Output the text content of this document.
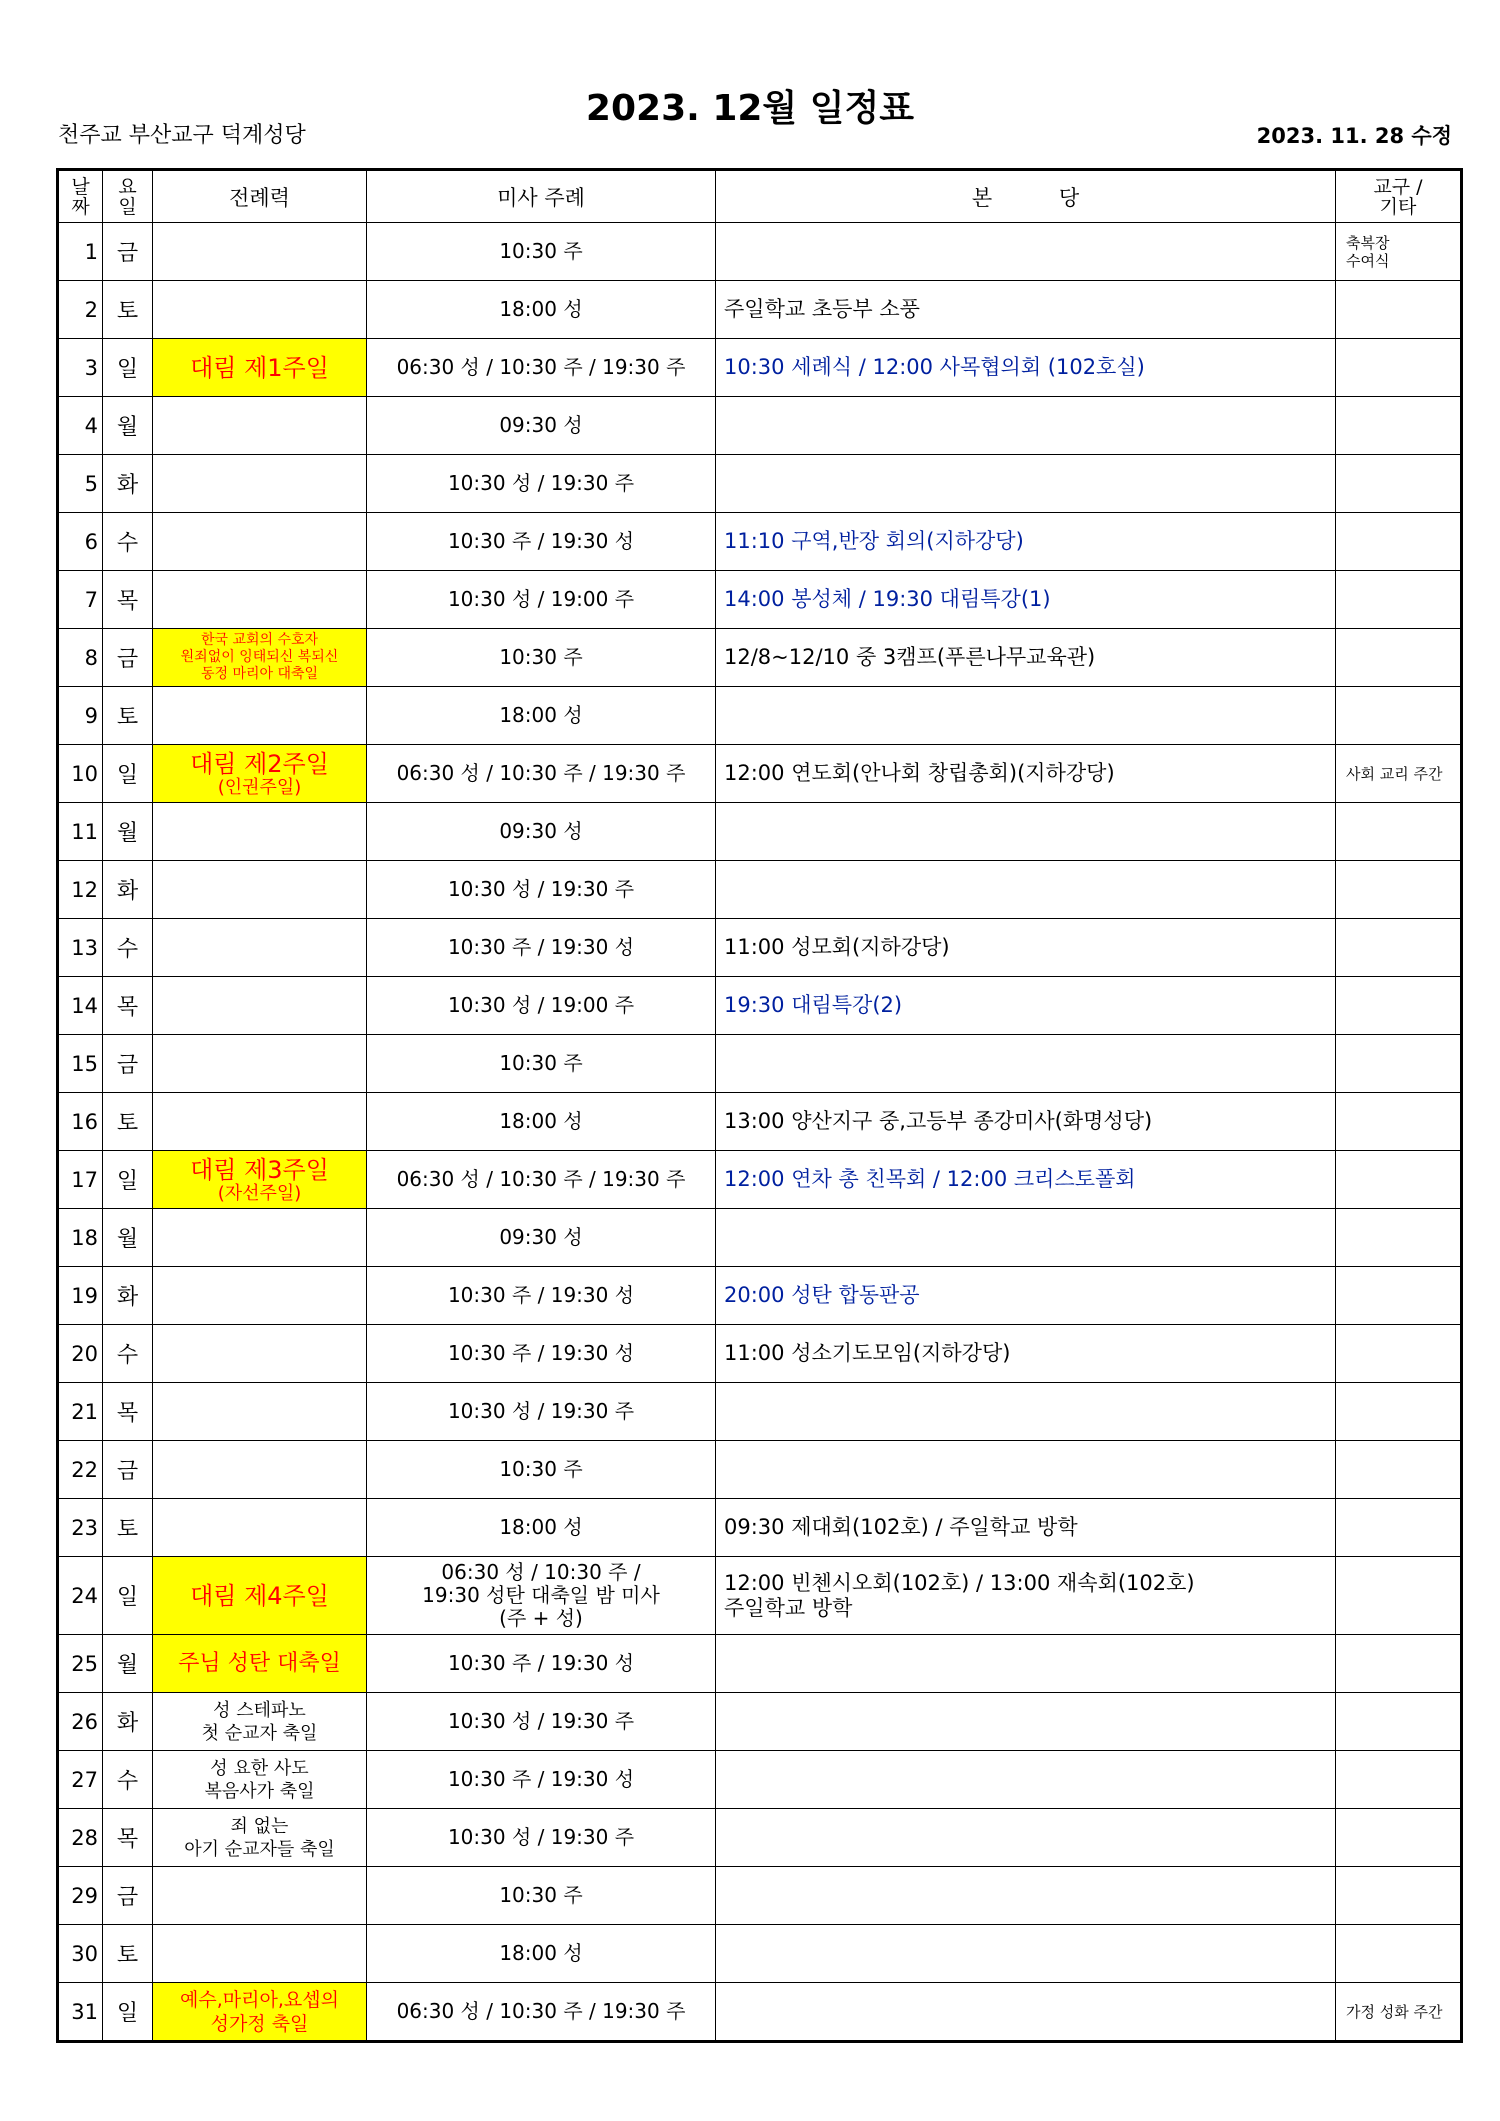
2023. 12월 일정표
천주교 부산교구 덕계성당	2023. 11. 28 수정
날짜	요일	전례력	미사 주례	본          당	교구 / 기타
1	금		10:30 주		축복장
수여식
2	토		18:00 성	주일학교 초등부 소풍	
3	일	대림 제1주일	06:30 성 / 10:30 주 / 19:30 주	10:30 세례식 / 12:00 사목협의회 (102호실)	
4	월		09:30 성		
5	화		10:30 성 / 19:30 주		
6	수		10:30 주 / 19:30 성	11:10 구역,반장 회의(지하강당)	
7	목		10:30 성 / 19:00 주	14:00 봉성체 / 19:30 대림특강(1)	
8	금	한국 교회의 수호자
원죄없이 잉태되신 복되신
동정 마리아 대축일	10:30 주	12/8~12/10 중 3캠프(푸른나무교육관)	
9	토		18:00 성		
10	일	대림 제2주일
(인권주일)	06:30 성 / 10:30 주 / 19:30 주	12:00 연도회(안나회 창립총회)(지하강당)	사회 교리 주간
11	월		09:30 성		
12	화		10:30 성 / 19:30 주		
13	수		10:30 주 / 19:30 성	11:00 성모회(지하강당)	
14	목		10:30 성 / 19:00 주	19:30 대림특강(2)	
15	금		10:30 주		
16	토		18:00 성	13:00 양산지구 중,고등부 종강미사(화명성당)	
17	일	대림 제3주일
(자선주일)	06:30 성 / 10:30 주 / 19:30 주	12:00 연차 총 친목회 / 12:00 크리스토폴회	
18	월		09:30 성		
19	화		10:30 주 / 19:30 성	20:00 성탄 합동판공	
20	수		10:30 주 / 19:30 성	11:00 성소기도모임(지하강당)	
21	목		10:30 성 / 19:30 주		
22	금		10:30 주		
23	토		18:00 성	09:30 제대회(102호) / 주일학교 방학	
24	일	대림 제4주일	06:30 성 / 10:30 주 /
19:30 성탄 대축일 밤 미사
(주 + 성)	12:00 빈첸시오회(102호) / 13:00 재속회(102호)
주일학교 방학	
25	월	주님 성탄 대축일	10:30 주 / 19:30 성		
26	화	성 스테파노
첫 순교자 축일	10:30 성 / 19:30 주		
27	수	성 요한 사도
복음사가 축일	10:30 주 / 19:30 성		
28	목	죄 없는
아기 순교자들 축일	10:30 성 / 19:30 주		
29	금		10:30 주		
30	토		18:00 성		
31	일	예수,마리아,요셉의
성가정 축일	06:30 성 / 10:30 주 / 19:30 주		가정 성화 주간
